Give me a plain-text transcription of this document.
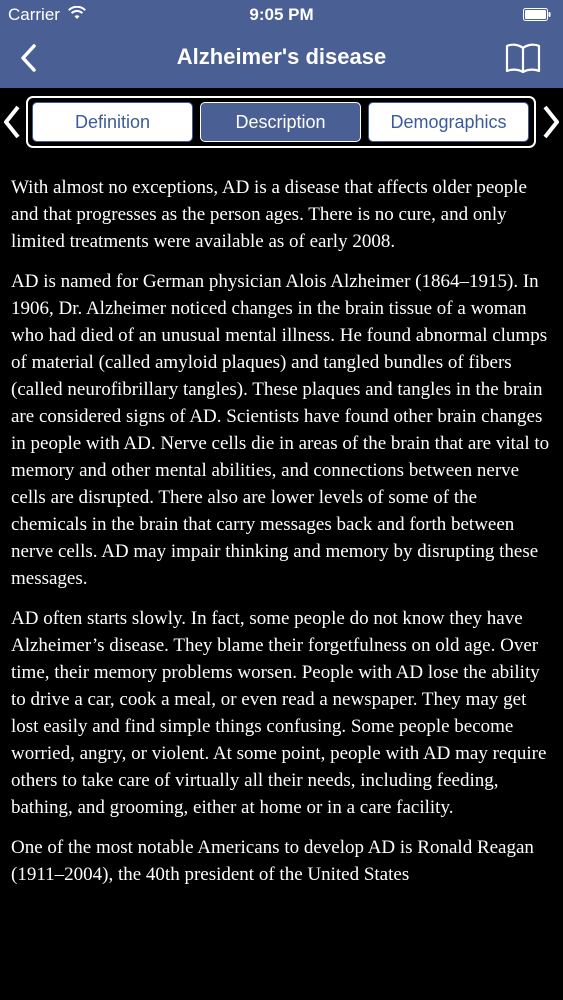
Carrier	9:05 PM
Alzheimer's disease
Definition	Description	Demographics

With almost no exceptions, AD is a disease that affects older people and that progresses as the person ages. There is no cure, and only limited treatments were available as of early 2008.

AD is named for German physician Alois Alzheimer (1864–1915). In 1906, Dr. Alzheimer noticed changes in the brain tissue of a woman who had died of an unusual mental illness. He found abnormal clumps of material (called amyloid plaques) and tangled bundles of fibers (called neurofibrillary tangles). These plaques and tangles in the brain are considered signs of AD. Scientists have found other brain changes in people with AD. Nerve cells die in areas of the brain that are vital to memory and other mental abilities, and connections between nerve cells are disrupted. There also are lower levels of some of the chemicals in the brain that carry messages back and forth between nerve cells. AD may impair thinking and memory by disrupting these messages.

AD often starts slowly. In fact, some people do not know they have Alzheimer’s disease. They blame their forgetfulness on old age. Over time, their memory problems worsen. People with AD lose the ability to drive a car, cook a meal, or even read a newspaper. They may get lost easily and find simple things confusing. Some people become worried, angry, or violent. At some point, people with AD may require others to take care of virtually all their needs, including feeding, bathing, and grooming, either at home or in a care facility.

One of the most notable Americans to develop AD is Ronald Reagan (1911–2004), the 40th president of the United States
